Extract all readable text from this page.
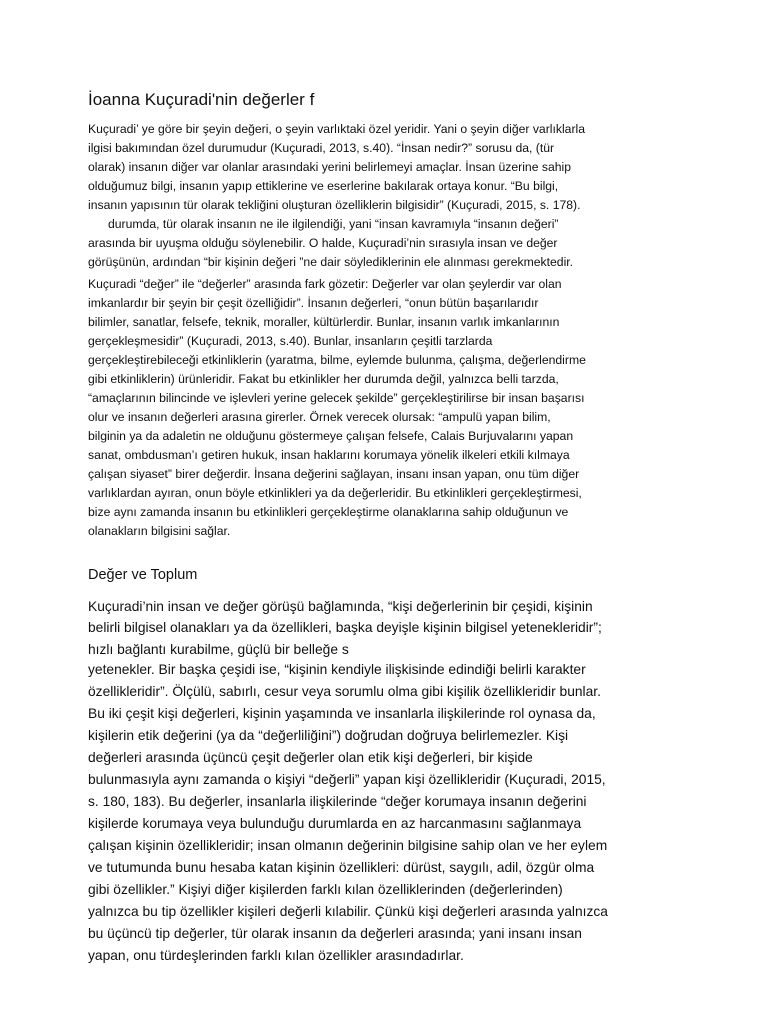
İoanna Kuçuradi'nin değerler f
Kuçuradi’ ye göre bir şeyin değeri, o şeyin varlıktaki özel yeridir. Yani o şeyin diğer varlıklarla
ilgisi bakımından özel durumudur (Kuçuradi, 2013, s.40). “İnsan nedir?” sorusu da, (tür
olarak) insanın diğer var olanlar arasındaki yerini belirlemeyi amaçlar. İnsan üzerine sahip
olduğumuz bilgi, insanın yapıp ettiklerine ve eserlerine bakılarak ortaya konur. “Bu bilgi,
insanın yapısının tür olarak tekliğini oluşturan özelliklerin bilgisidir” (Kuçuradi, 2015, s. 178).
durumda, tür olarak insanın ne ile ilgilendiği, yani “insan kavramıyla “insanın değeri”
arasında bir uyuşma olduğu söylenebilir. O halde, Kuçuradi’nin sırasıyla insan ve değer
görüşünün, ardından “bir kişinin değeri ”ne dair söylediklerinin ele alınması gerekmektedir.
Kuçuradi “değer” ile “değerler” arasında fark gözetir: Değerler var olan şeylerdir var olan
imkanlardır bir şeyin bir çeşit özelliğidir”. İnsanın değerleri, “onun bütün başarılarıdır
bilimler, sanatlar, felsefe, teknik, moraller, kültürlerdir. Bunlar, insanın varlık imkanlarının
gerçekleşmesidir” (Kuçuradi, 2013, s.40). Bunlar, insanların çeşitli tarzlarda
gerçekleştirebileceği etkinliklerin (yaratma, bilme, eylemde bulunma, çalışma, değerlendirme
gibi etkinliklerin) ürünleridir. Fakat bu etkinlikler her durumda değil, yalnızca belli tarzda,
“amaçlarının bilincinde ve işlevleri yerine gelecek şekilde” gerçekleştirilirse bir insan başarısı
olur ve insanın değerleri arasına girerler. Örnek verecek olursak: “ampulü yapan bilim,
bilginin ya da adaletin ne olduğunu göstermeye çalışan felsefe, Calais Burjuvalarını yapan
sanat, ombdusman’ı getiren hukuk, insan haklarını korumaya yönelik ilkeleri etkili kılmaya
çalışan siyaset” birer değerdir. İnsana değerini sağlayan, insanı insan yapan, onu tüm diğer
varlıklardan ayıran, onun böyle etkinlikleri ya da değerleridir. Bu etkinlikleri gerçekleştirmesi,
bize aynı zamanda insanın bu etkinlikleri gerçekleştirme olanaklarına sahip olduğunun ve
olanakların bilgisini sağlar.
Değer ve Toplum
Kuçuradi’nin insan ve değer görüşü bağlamında, “kişi değerlerinin bir çeşidi, kişinin
belirli bilgisel olanakları ya da özellikleri, başka deyişle kişinin bilgisel yetenekleridir”;
hızlı bağlantı kurabilme, güçlü bir belleğe s
yetenekler. Bir başka çeşidi ise, “kişinin kendiyle ilişkisinde edindiği belirli karakter
özellikleridir”. Ölçülü, sabırlı, cesur veya sorumlu olma gibi kişilik özellikleridir bunlar.
Bu iki çeşit kişi değerleri, kişinin yaşamında ve insanlarla ilişkilerinde rol oynasa da,
kişilerin etik değerini (ya da “değerliliğini”) doğrudan doğruya belirlemezler. Kişi
değerleri arasında üçüncü çeşit değerler olan etik kişi değerleri, bir kişide
bulunmasıyla aynı zamanda o kişiyi “değerli” yapan kişi özellikleridir (Kuçuradi, 2015,
s. 180, 183). Bu değerler, insanlarla ilişkilerinde “değer korumaya insanın değerini
kişilerde korumaya veya bulunduğu durumlarda en az harcanmasını sağlanmaya
çalışan kişinin özellikleridir; insan olmanın değerinin bilgisine sahip olan ve her eylem
ve tutumunda bunu hesaba katan kişinin özellikleri: dürüst, saygılı, adil, özgür olma
gibi özellikler.” Kişiyi diğer kişilerden farklı kılan özelliklerinden (değerlerinden)
yalnızca bu tip özellikler kişileri değerli kılabilir. Çünkü kişi değerleri arasında yalnızca
bu üçüncü tip değerler, tür olarak insanın da değerleri arasında; yani insanı insan
yapan, onu türdeşlerinden farklı kılan özellikler arasındadırlar.
